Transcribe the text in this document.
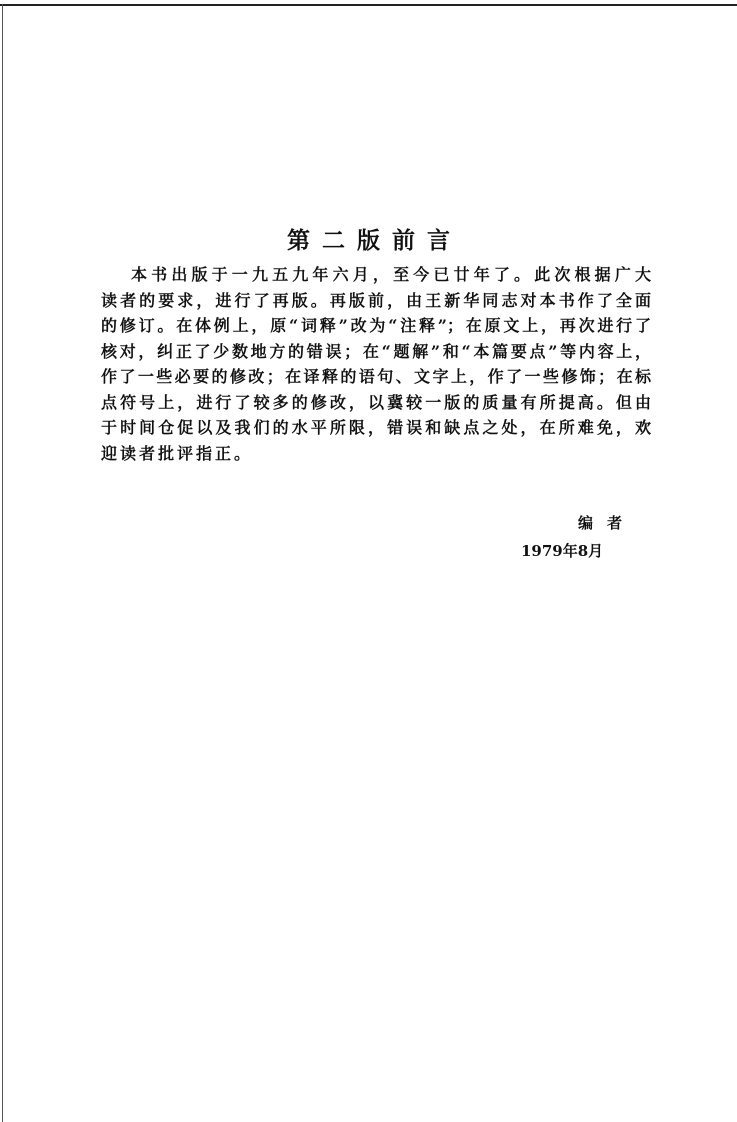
第二版前言
本书出版于一九五九年六月，至今已廿年了。此次根据广大
读者的要求，进行了再版。再版前，由王新华同志对本书作了全面
的修订。在体例上，原“词释”改为“注释”；在原文上，再次进行了
核对，纠正了少数地方的错误；在“题解”和“本篇要点”等内容上，
作了一些必要的修改；在译释的语句、文字上，作了一些修饰；在标
点符号上，进行了较多的修改，以冀较一版的质量有所提高。但由
于时间仓促以及我们的水平所限，错误和缺点之处，在所难免，欢
迎读者批评指正。
编者
1979年8月
